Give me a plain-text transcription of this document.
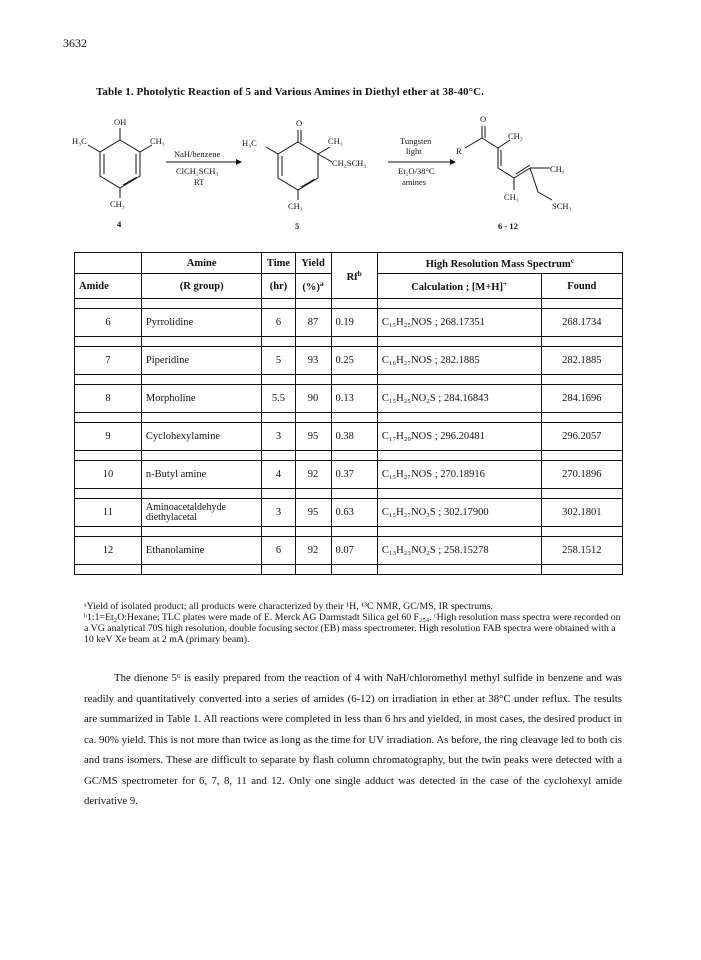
3632
Table 1. Photolytic Reaction of 5 and Various Amines in Diethyl ether at 38-40°C.
OH
H₃C	CH₃
CH₃
4
NaH/benzene
ClCH₂SCH₃
RT
O
H₃C	CH₃
CH₂SCH₃
CH₃
5
Tungsten
light
Et₂O/38°C
amines
O
R
CH₃
CH₃
CH₃
SCH₃
6 - 12
	Amine	Time	Yield	Rf$^b$	High Resolution Mass Spectrum$^c$
Amide	(R group)	(hr)	(%)$^a$		Calculation ; [M+H]+	Found

6	Pyrrolidine	6	87	0.19	C₁₅H₂₅NOS ; 268.17351	268.1734

7	Piperidine	5	93	0.25	C₁₆H₂₇NOS ; 282.1885	282.1885

8	Morpholine	5.5	90	0.13	C₁₅H₂₅NO₂S ; 284.16843	284.1696

9	Cyclohexylamine	3	95	0.38	C₁₇H₂₉NOS ; 296.20481	296.2057

10	n-Butyl amine	4	92	0.37	C₁₅H₂₇NOS ; 270.18916	270.1896

11	Aminoacetaldehyde diethylacetal	3	95	0.63	C₁₅H₂₇NO₃S ; 302.17900	302.1801

12	Ethanolamine	6	92	0.07	C₁₃H₂₃NO₂S ; 258.15278	258.1512

ᵃYield of isolated product; all products were characterized by their ¹H, ¹³C NMR, GC/MS, IR spectrums.
ᵇ1:1=Et₂O:Hexane; TLC plates were made of E. Merck AG Darmstadt Silica gel 60 F₂₅₄. ᶜHigh resolution mass spectra were recorded on a VG analytical 70S high resolution, double focusing sector (EB) mass spectrometer. High resolution FAB spectra were obtained with a 10 keV Xe beam at 2 mA (primary beam).

The dienone 5⁶ is easily prepared from the reaction of 4 with NaH/chloromethyl methyl sulfide in benzene and was readily and quantitatively converted into a series of amides (6-12) on irradiation in ether at 38°C under reflux. The results are summarized in Table 1. All reactions were completed in less than 6 hrs and yielded, in most cases, the desired product in ca. 90% yield. This is not more than twice as long as the time for UV irradiation. As before, the ring cleavage led to both cis and trans isomers. These are difficult to separate by flash column chromatography, but the twin peaks were detected with a GC/MS spectrometer for 6, 7, 8, 11 and 12. Only one single adduct was detected in the case of the cyclohexyl amide derivative 9.
